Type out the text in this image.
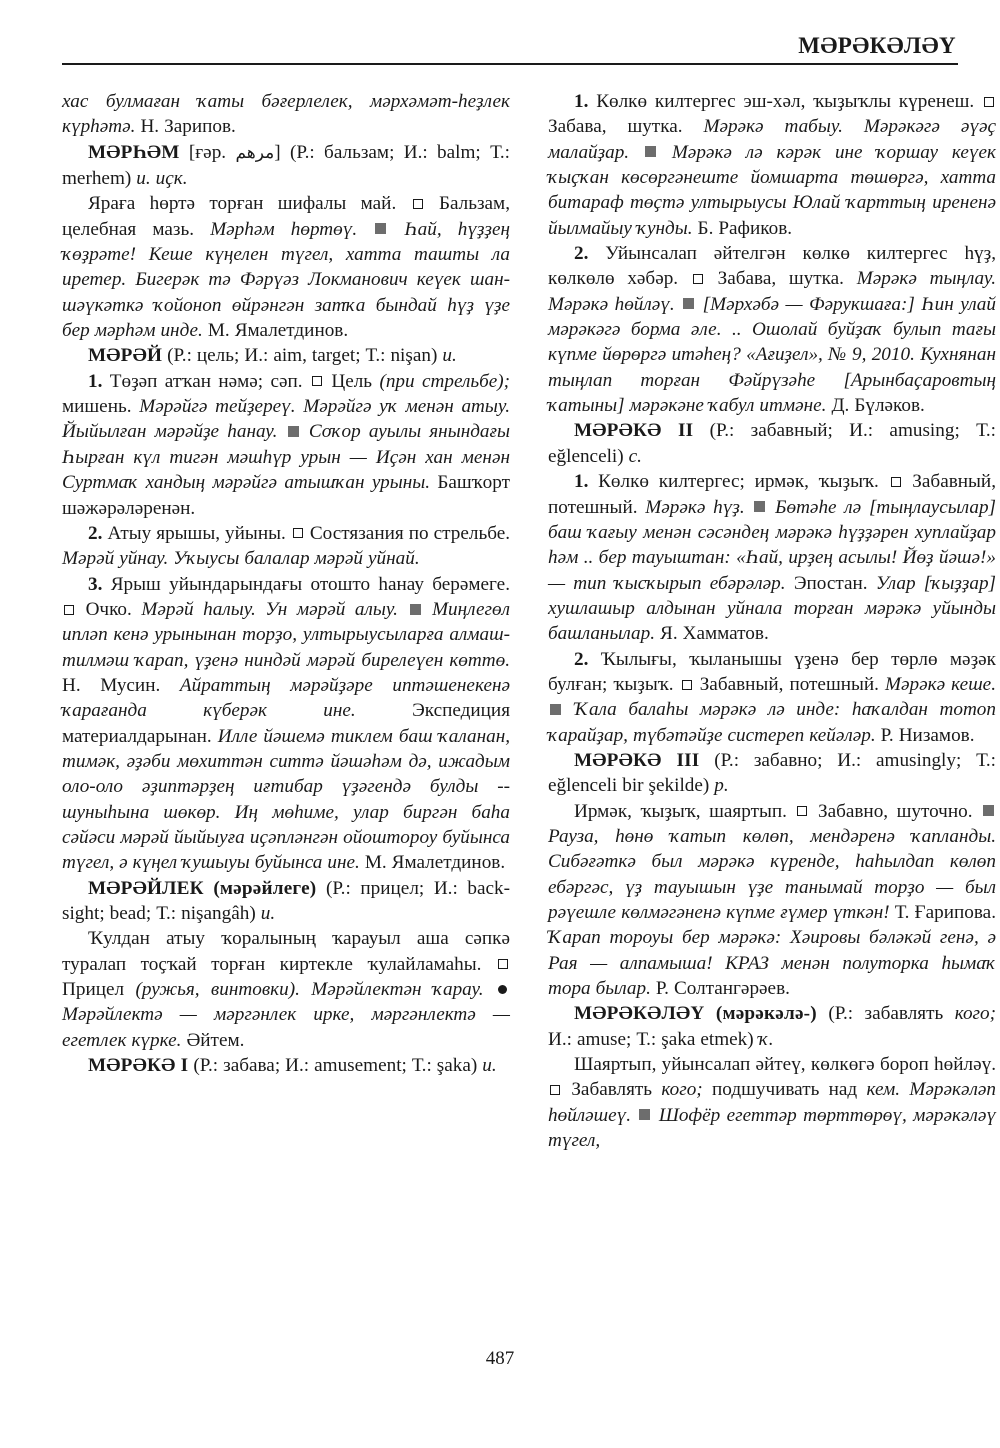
МӘРӘКӘЛӘҮ

хас булмаған ҡаты бәғерлелек, мәрхәмәт-һеҙлек күрһәтә. Н. Зарипов.

МӘРҺӘМ [ғәр. مرهم] (Р.: бальзам; И.: balm; Т.: merhem) и. иҫк.

Яраға һөртә торған шифалы май. Бальзам, целебная мазь. Мәрһәм һөртөү. Һай, һүҙҙең ҡөҙрәте! Кеше күңелен түгел, хатта ташты ла иретер. Бигерәк тә Фәрүәз Локманович кеүек шан-шәүкәткә ҡойоноп өйрәнгән затҡа бындай һүҙ үҙе бер мәрһәм инде. М. Ямалетдинов.

МӘРӘЙ (Р.: цель; И.: aim, target; Т.: nişan) и.

1. Төҙәп атҡан нәмә; сәп. Цель (при стрельбе); мишень. Мәрәйгә тейҙереү. Мәрәйгә уҡ менән атыу. Йыйылған мәрәйҙе һанау. Соҡор ауылы янындағы Һырған күл тигән мәшһүр урын — Иҫән хан менән Суртмаҡ хандың мәрәйгә атышҡан урыны. Башҡорт шәжәрәләренән.

2. Атыу ярышы, уйыны. Состязания по стрельбе. Мәрәй уйнау. Уҡыусы балалар мәрәй уйнай.

3. Ярыш уйындарындағы отошто һанау берәмеге.  Очко. Мәрәй һалыу. Ун мәрәй алыу. Миңлегөл ипләп кенә урынынан торҙо, ултырыусыларға алмаш-тилмәш ҡарап, үҙенә ниндәй мәрәй бирелеүен көттө. Н. Мусин. Айраттың мәрәйҙәре иптәшенекенә ҡарағанда күберәк ине.	Экспедиция материалдарынан. Илле йәшемә тиклем баш ҡаланан, тимәк, әҙәби мөхиттән ситтә йәшәһәм дә, ижадым оло-оло әҙиптәрҙең иғтибар үҙәгендә булды -- шуныһына шөкөр. Иң мөһиме, улар биргән баһа сәйәси мәрәй йыйыуға иҫәпләнгән ойоштороу буйынса түгел, ә күңел ҡушыуы буйынса ине. М. Ямалетдинов.

МӘРӘЙЛЕК (мәрәйлеге) (Р.: прицел; И.: back-sight; bead; Т.: nişangâh) и.

Ҡулдан атыу ҡоралының ҡарауыл аша сәпкә туралап тоҫҡай торған киртекле ҡулайламаһы.  Прицел (ружья, винтовки). Мәрәйлектән ҡарау.  Мәрәйлектә — мәргәнлек ирке, мәргәнлектә — егетлек күрке. Әйтем.

МӘРӘКӘ I (Р.: забава; И.: amusement; Т.: şaka) и.

1. Көлкө килтергес эш-хәл, ҡыҙыҡлы күренеш.  Забава, шутка. Мәрәкә табыу. Мәрәкәгә әүәҫ малайҙар. Мәрәкә лә кәрәк ине ҡоршау кеүек ҡыҫҡан көсөргәнеште йомшарта төшөргә, хатта битараф төҫтә ултырыусы Юлай ҡарттың ирененә йылмайыу ҡунды. Б. Рафиков.

2. Уйынсалап әйтелгән көлкө килтергес һүҙ, көлкөлө хәбәр. Забава, шутка. Мәрәкә тыңлау. Мәрәкә һөйләү. [Мәрхәбә — Фәрукшаға:] Һин улай мәрәкәгә борма әле. .. Ошолай буйҙаҡ булып тағы күпме йөрөргә итәһең? «Ағиҙел», № 9, 2010. Кухнянан тыңлап торған Фәйрүзәһе [Арынбаҫаровтың ҡатыны] мәрәкәне ҡабул итмәне. Д. Бүләков.

МӘРӘКӘ II (Р.: забавный; И.: amusing; Т.: eğlenceli) с.

1. Көлкө килтергес; ирмәк, ҡыҙыҡ. Забавный, потешный. Мәрәкә һүҙ. Бөтәһе лә [тыңлаусылар] баш ҡағыу менән сәсәндең мәрәкә һүҙҙәрен хуплайҙар һәм .. бер тауыштан: «Һай, ирҙең асылы! Йөҙ йәшә!» — тип ҡысҡырып ебәрәләр. Эпостан. Улар [ҡыҙҙар] хушлашыр алдынан уйнала торған мәрәкә уйынды башланылар. Я. Хамматов.

2. Ҡылығы, ҡыланышы үҙенә бер төрлө мәҙәк булған; ҡыҙыҡ. Забавный, потешный. Мәрәкә кеше.  Ҡала балаһы мәрәкә лә инде: һаҡалдан тотоп ҡарайҙар, түбәтәйҙе систереп кейәләр. Р. Низамов.

МӘРӘКӘ III (Р.: забавно; И.: amusingly; Т.: eğlenceli bir şekilde) р.

Ирмәк, ҡыҙыҡ, шаяртып. Забавно, шуточно.  Рауза, һөнө ҡатып көлөп, мендәренә ҡапланды. Сибәғәткә был мәрәкә күренде, һаһылдап көлөп ебәргәс, үҙ тауышын үҙе танымай торҙо — был рәүешле көлмәгәненә күпме ғүмер үткән! Т. Ғарипова. Ҡарап тороуы бер мәрәкә: Хәировы бәләкәй генә, ә Рая — алпамыша! КРАЗ менән полуторка һымаҡ тора былар. Р. Солтангәрәев.

МӘРӘКӘЛӘҮ (мәрәкәлә-) (Р.: забавлять кого; И.: amuse; Т.: şaka etmek) ҡ.

Шаяртып, уйынсалап әйтеү, көлкөгә бороп һөйләү.  Забавлять кого; подшучивать над кем. Мәрәкәләп һөйләшеү. Шофёр егеттәр төрттөрөү, мәрәкәләү түгел,

487
